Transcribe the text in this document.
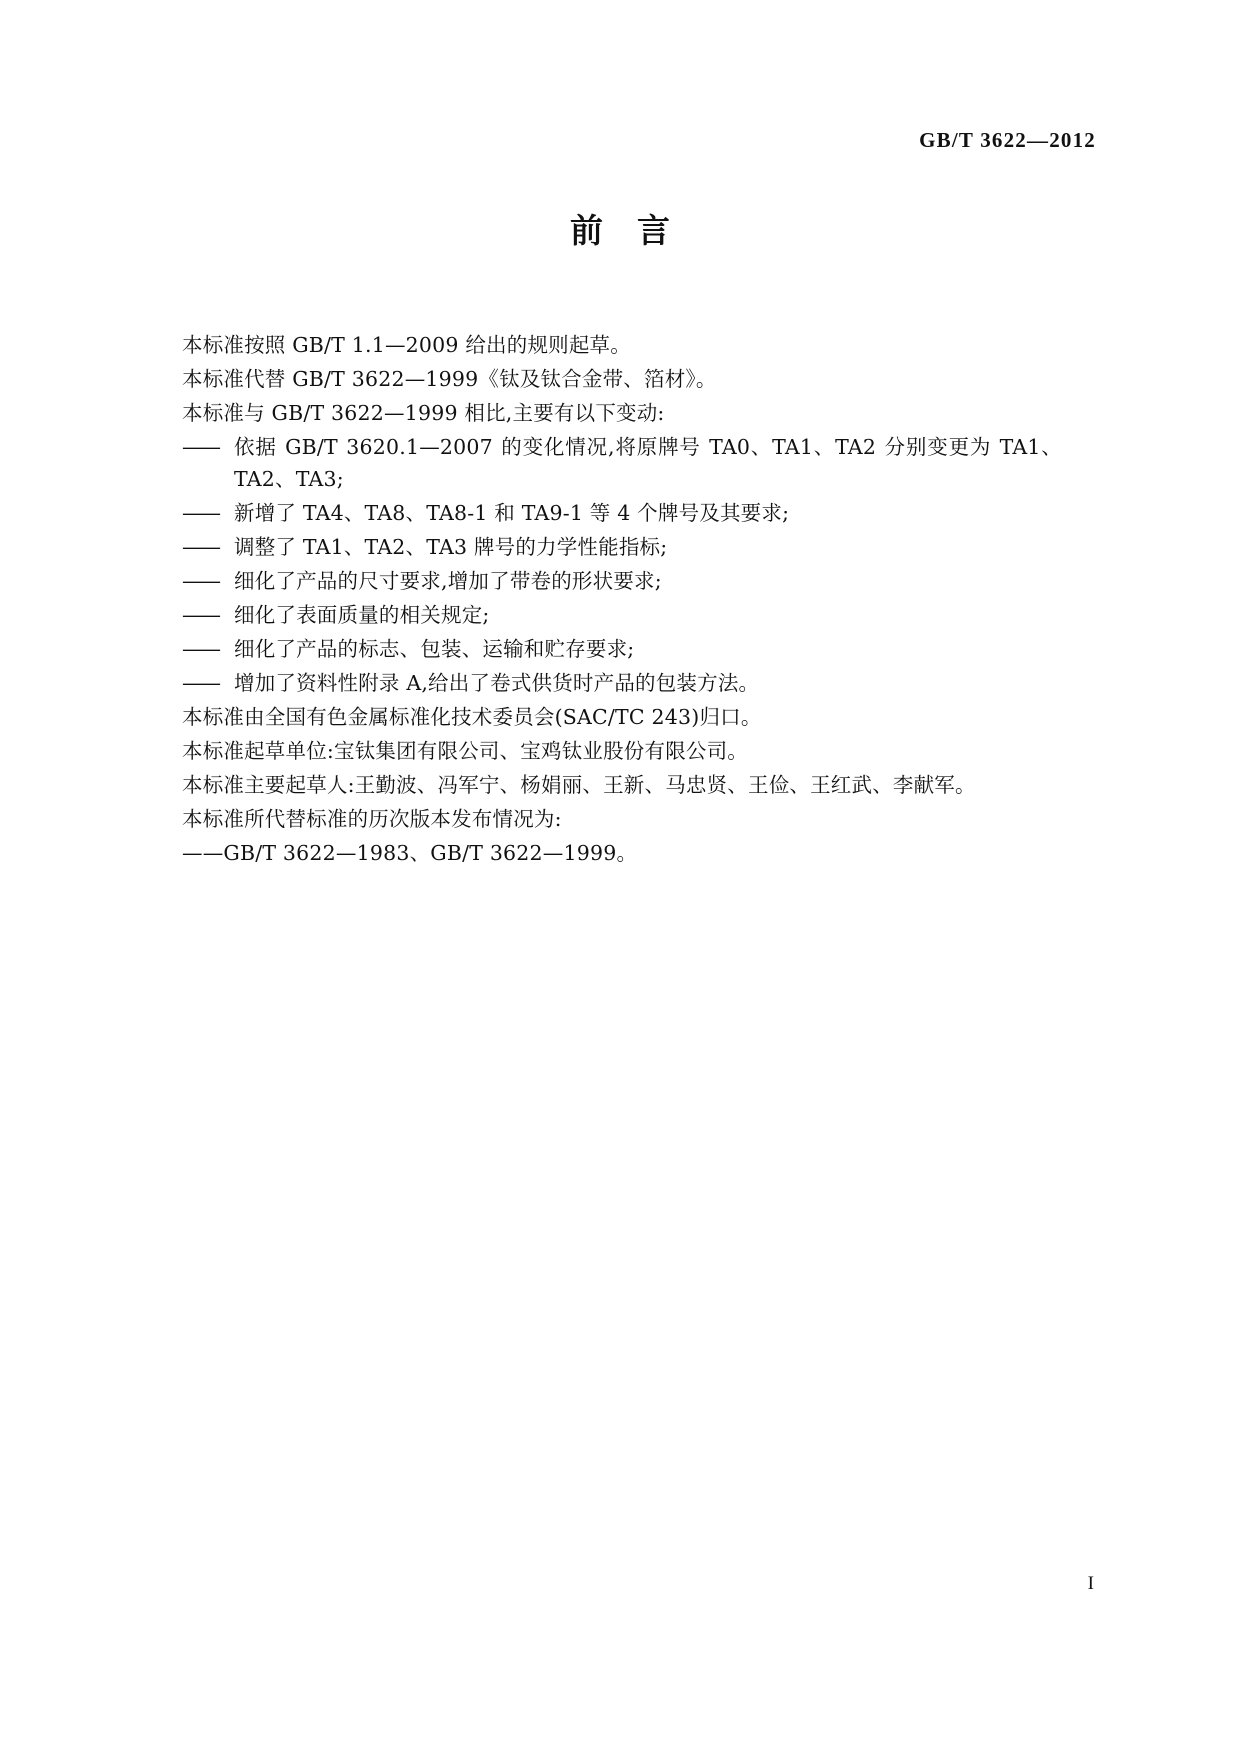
GB/T 3622—2012
前言

本标准按照 GB/T 1.1—2009 给出的规则起草。

本标准代替 GB/T 3622—1999《钛及钛合金带、箔材》。

本标准与 GB/T 3622—1999 相比,主要有以下变动:

—— 依据 GB/T 3620.1—2007 的变化情况,将原牌号 TA0、TA1、TA2 分别变更为 TA1、TA2、TA3;
—— 新增了 TA4、TA8、TA8-1 和 TA9-1 等 4 个牌号及其要求;
—— 调整了 TA1、TA2、TA3 牌号的力学性能指标;
—— 细化了产品的尺寸要求,增加了带卷的形状要求;
—— 细化了表面质量的相关规定;
—— 细化了产品的标志、包装、运输和贮存要求;
—— 增加了资料性附录 A,给出了卷式供货时产品的包装方法。

本标准由全国有色金属标准化技术委员会(SAC/TC 243)归口。

本标准起草单位:宝钛集团有限公司、宝鸡钛业股份有限公司。

本标准主要起草人:王勤波、冯军宁、杨娟丽、王新、马忠贤、王俭、王红武、李献军。

本标准所代替标准的历次版本发布情况为:

——GB/T 3622—1983、GB/T 3622—1999。

I
